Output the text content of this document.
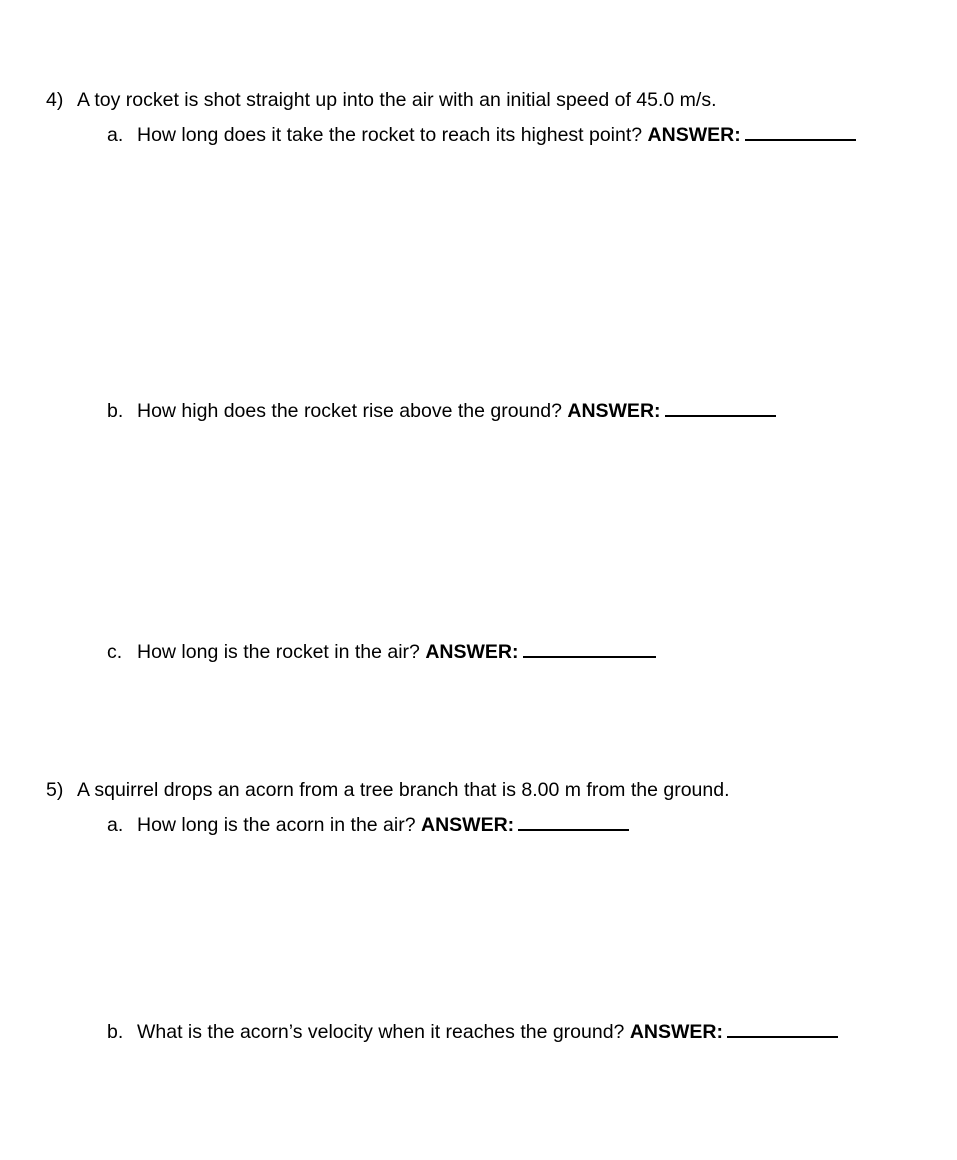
4) A toy rocket is shot straight up into the air with an initial speed of 45.0 m/s.
a. How long does it take the rocket to reach its highest point? ANSWER:
b. How high does the rocket rise above the ground? ANSWER:
c. How long is the rocket in the air? ANSWER:
5) A squirrel drops an acorn from a tree branch that is 8.00 m from the ground.
a. How long is the acorn in the air? ANSWER:
b. What is the acorn’s velocity when it reaches the ground? ANSWER:
